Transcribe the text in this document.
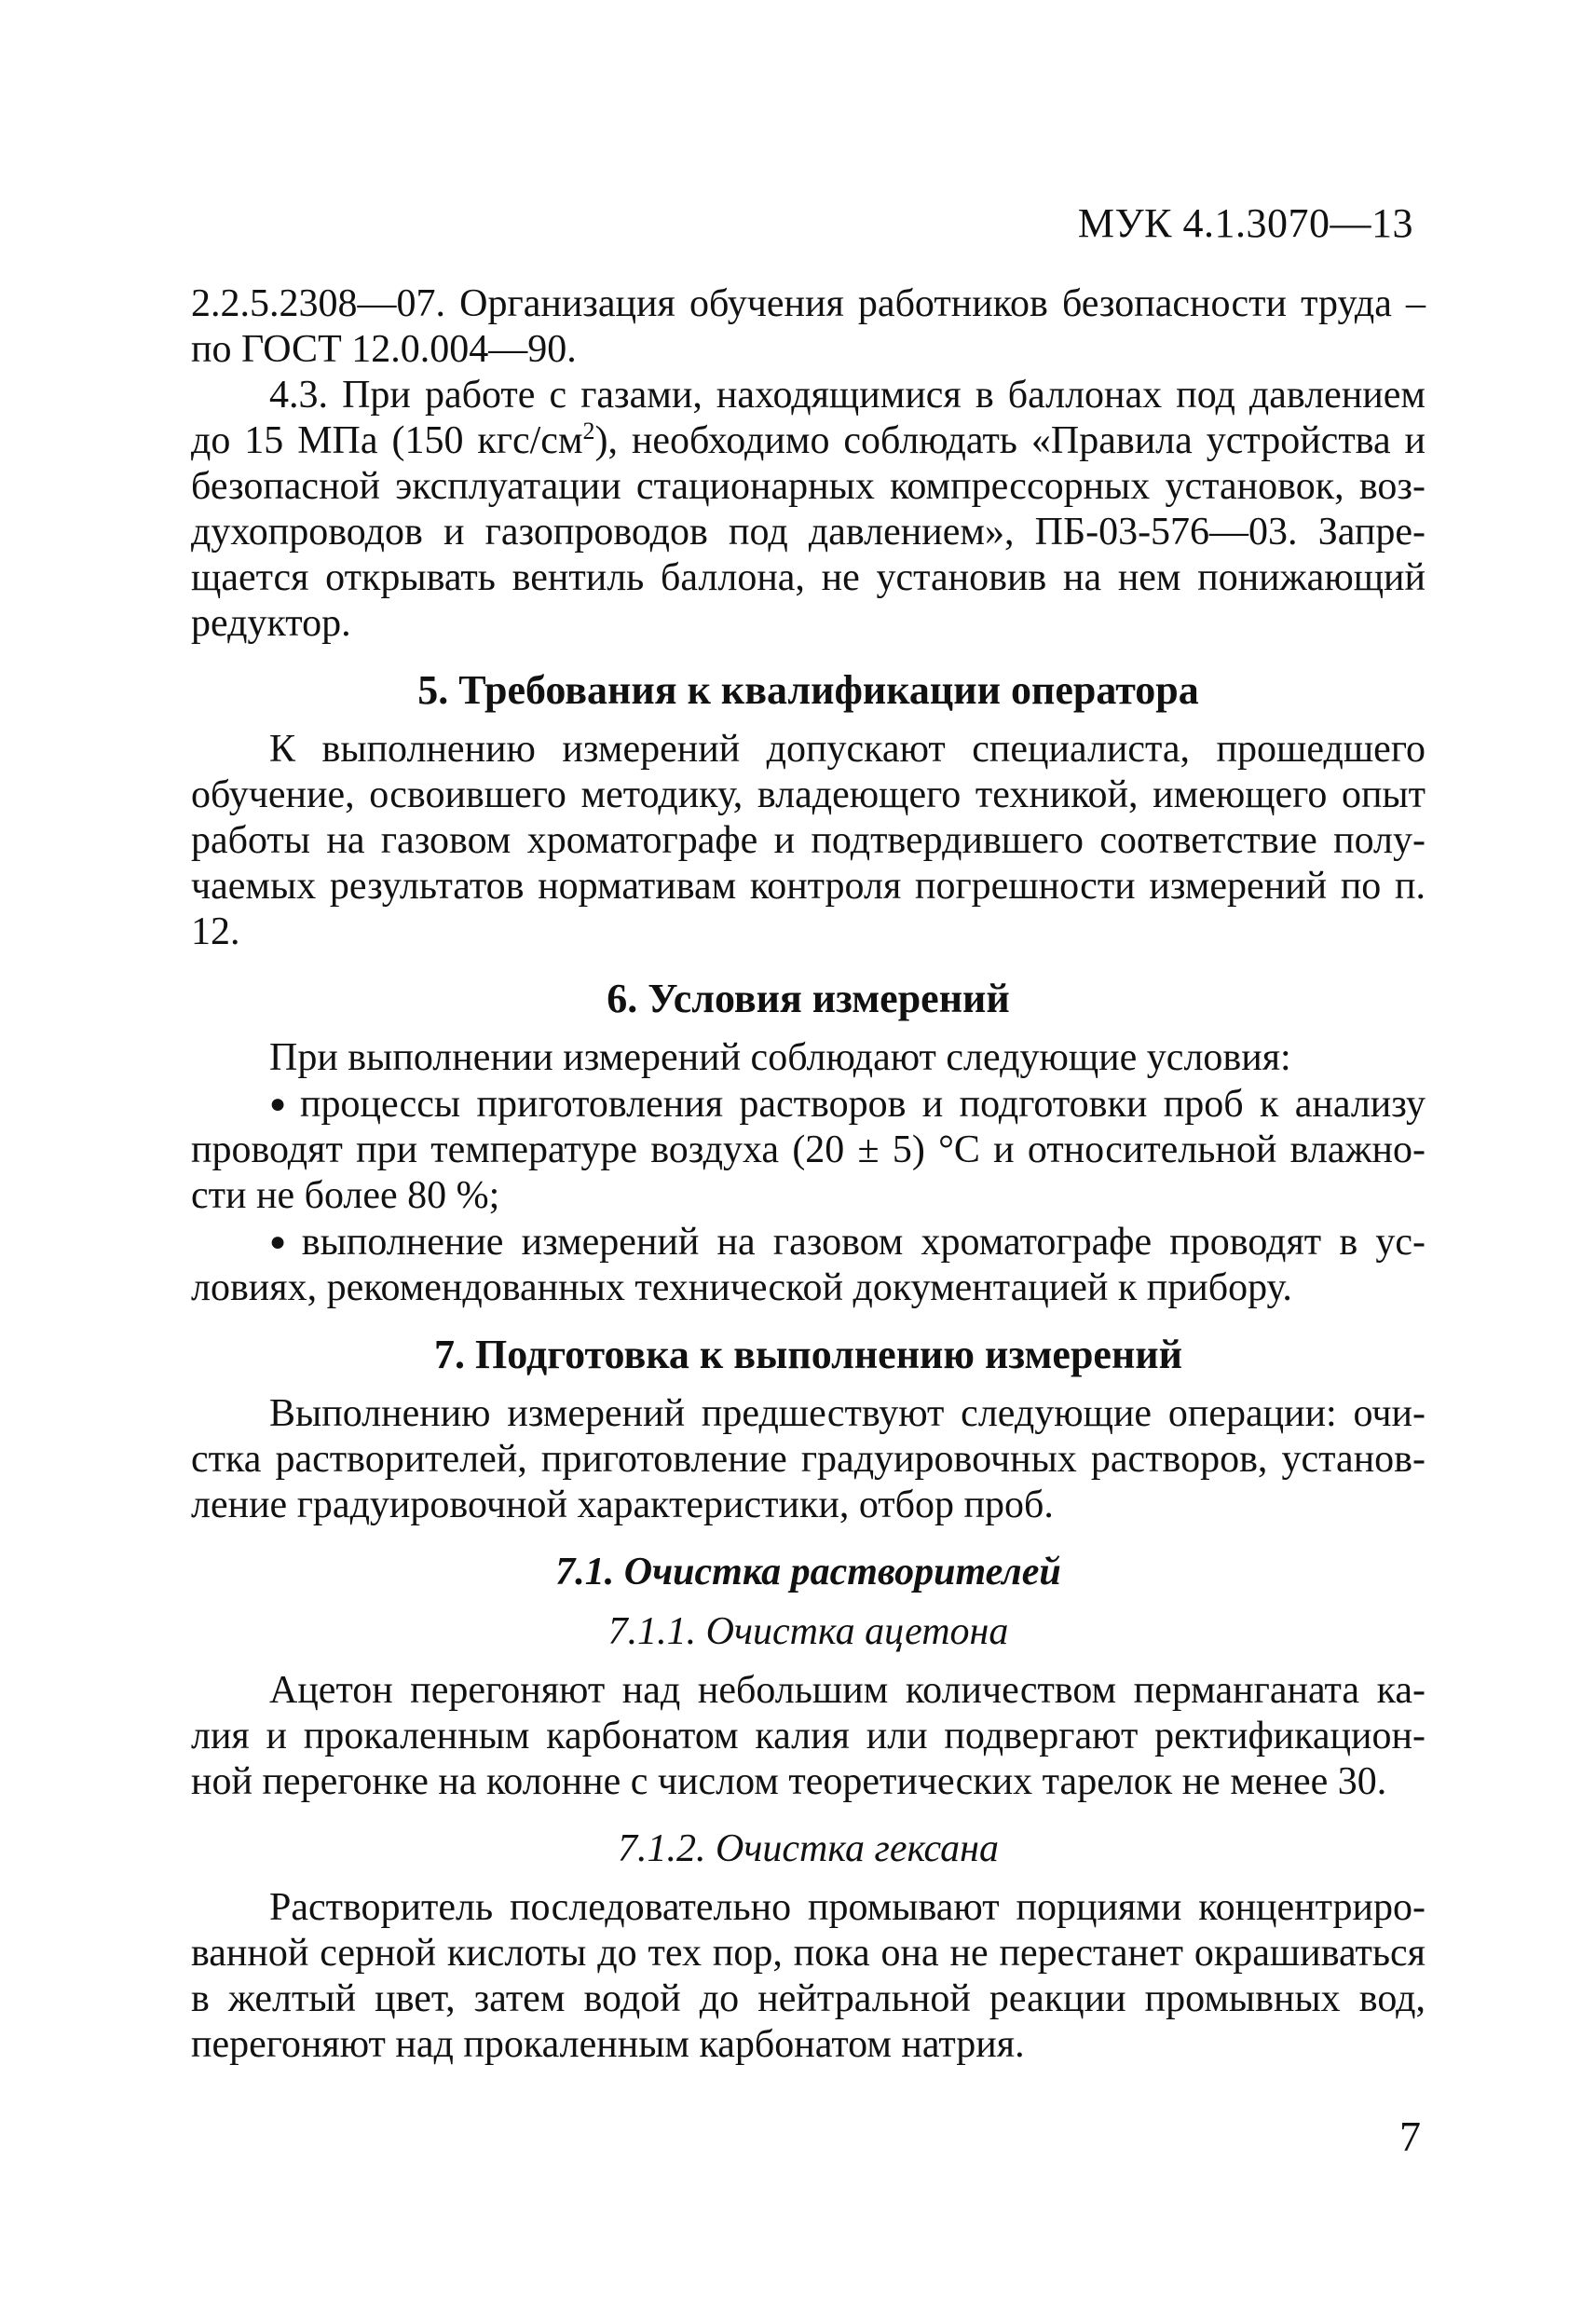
МУК 4.1.3070—13

2.2.5.2308—07. Организация обучения работников безопасности труда – по ГОСТ 12.0.004—90.

4.3. При работе с газами, находящимися в баллонах под давлением до 15 МПа (150 кгс/$см^2$), необходимо соблюдать «Правила устройства и безопасной эксплуатации стационарных компрессорных установок, воздухопроводов и газопроводов под давлением», ПБ-03-576—03. Запрещается открывать вентиль баллона, не установив на нем понижающий редуктор.

5. Требования к квалификации оператора

К выполнению измерений допускают специалиста, прошедшего обучение, освоившего методику, владеющего техникой, имеющего опыт работы на газовом хроматографе и подтвердившего соответствие получаемых результатов нормативам контроля погрешности измерений по п. 12.

6. Условия измерений

При выполнении измерений соблюдают следующие условия:

● процессы приготовления растворов и подготовки проб к анализу проводят при температуре воздуха (20 ± 5) °С и относительной влажности не более 80 %;

● выполнение измерений на газовом хроматографе проводят в условиях, рекомендованных технической документацией к прибору.

7. Подготовка к выполнению измерений

Выполнению измерений предшествуют следующие операции: очистка растворителей, приготовление градуировочных растворов, установление градуировочной характеристики, отбор проб.

7.1. Очистка растворителей
7.1.1. Очистка ацетона

Ацетон перегоняют над небольшим количеством перманганата калия и прокаленным карбонатом калия или подвергают ректификационной перегонке на колонне с числом теоретических тарелок не менее 30.

7.1.2. Очистка гексана

Растворитель последовательно промывают порциями концентрированной серной кислоты до тех пор, пока она не перестанет окрашиваться в желтый цвет, затем водой до нейтральной реакции промывных вод, перегоняют над прокаленным карбонатом натрия.

7
